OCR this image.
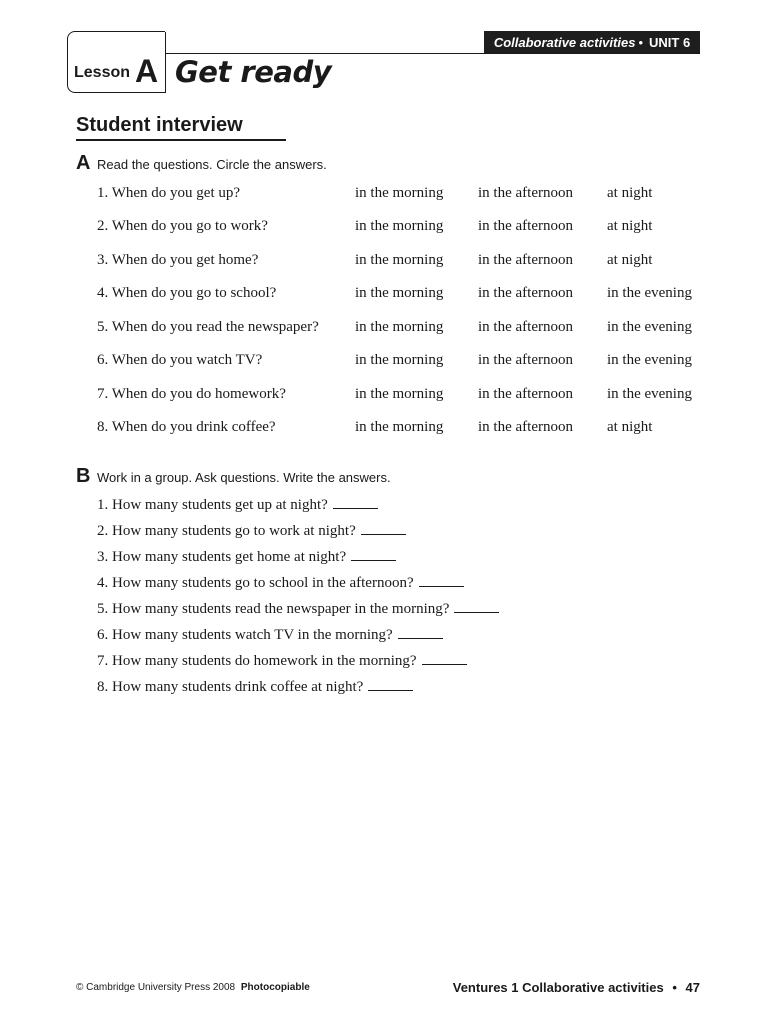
Collaborative activities • UNIT 6
Lesson A Get ready
Student interview
A Read the questions. Circle the answers.
1. When do you get up?	in the morning in the afternoon at night
2. When do you go to work?	in the morning in the afternoon at night
3. When do you get home?	in the morning in the afternoon at night
4. When do you go to school?	in the morning in the afternoon in the evening
5. When do you read the newspaper? in the morning in the afternoon in the evening
6. When do you watch TV?	in the morning in the afternoon in the evening
7. When do you do homework?	in the morning in the afternoon in the evening
8. When do you drink coffee?	in the morning in the afternoon at night
B Work in a group. Ask questions. Write the answers.
1. How many students get up at night?
2. How many students go to work at night?
3. How many students get home at night?
4. How many students go to school in the afternoon?
5. How many students read the newspaper in the morning?
6. How many students watch TV in the morning?
7. How many students do homework in the morning?
8. How many students drink coffee at night?
© Cambridge University Press 2008 Photocopiable	Ventures 1 Collaborative activities • 47
